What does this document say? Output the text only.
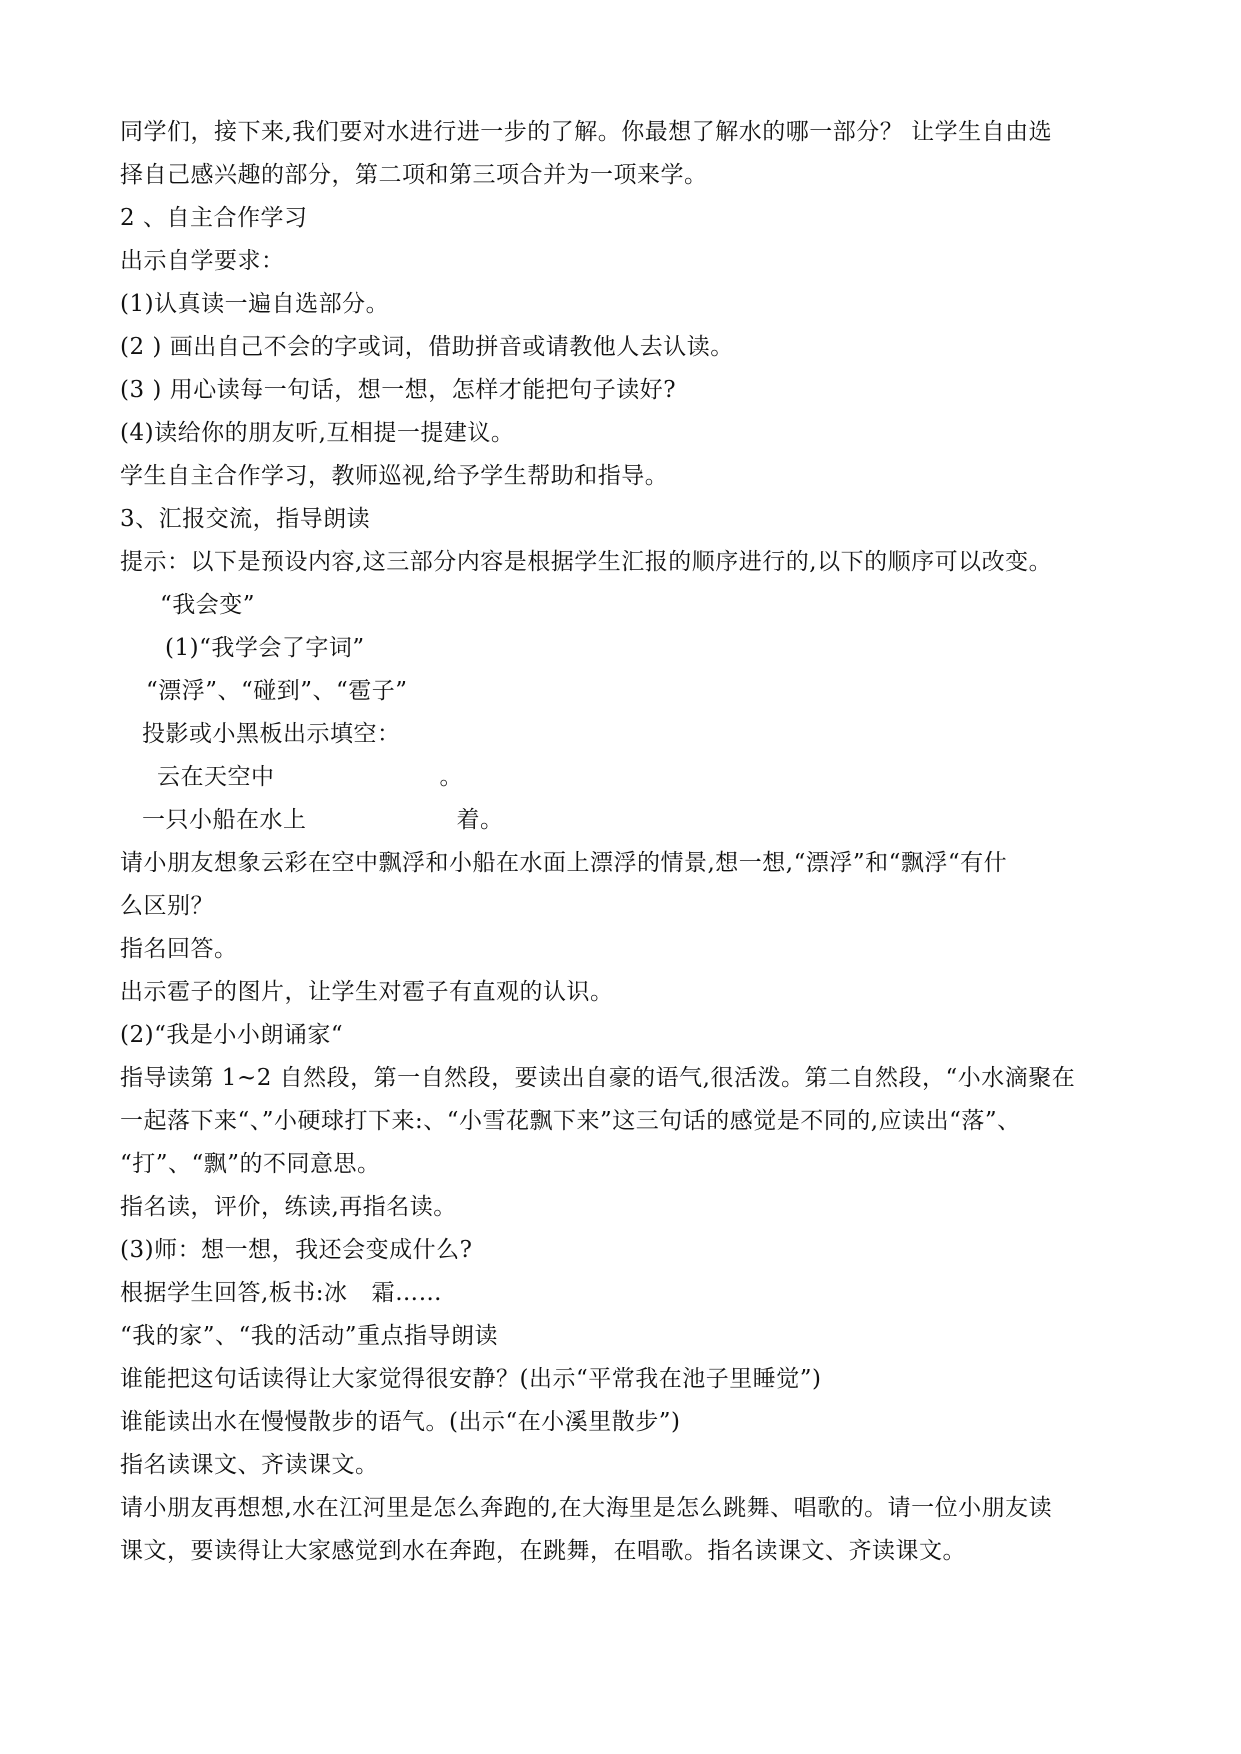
同学们，接下来,我们要对水进行进一步的了解。你最想了解水的哪一部分？ 让学生自由选
择自己感兴趣的部分，第二项和第三项合并为一项来学。
2 、自主合作学习
出示自学要求：
(1)认真读一遍自选部分。
(2 ) 画出自己不会的字或词，借助拼音或请教他人去认读。
(3 ) 用心读每一句话，想一想，怎样才能把句子读好?
(4)读给你的朋友听,互相提一提建议。
学生自主合作学习，教师巡视,给予学生帮助和指导。
3、汇报交流，指导朗读
提示：以下是预设内容,这三部分内容是根据学生汇报的顺序进行的,以下的顺序可以改变。
“我会变”
(1)“我学会了字词”
“漂浮”、“碰到”、“雹子”
投影或小黑板出示填空：
云在天空中	。
一只小船在水上	着。
请小朋友想象云彩在空中飘浮和小船在水面上漂浮的情景,想一想,“漂浮”和“飘浮“有什
么区别？
指名回答。
出示雹子的图片，让学生对雹子有直观的认识。
(2)“我是小小朗诵家“
指导读第 1~2 自然段，第一自然段，要读出自豪的语气,很活泼。第二自然段，“小水滴聚在
一起落下来“、”小硬球打下来:、“小雪花飘下来”这三句话的感觉是不同的,应读出“落”、
“打”、“飘”的不同意思。
指名读，评价，练读,再指名读。
(3)师：想一想，我还会变成什么?
根据学生回答,板书:冰 霜……
“我的家”、“我的活动”重点指导朗读
谁能把这句话读得让大家觉得很安静？(出示“平常我在池子里睡觉”)
谁能读出水在慢慢散步的语气。(出示“在小溪里散步”)
指名读课文、齐读课文。
请小朋友再想想,水在江河里是怎么奔跑的,在大海里是怎么跳舞、唱歌的。请一位小朋友读
课文，要读得让大家感觉到水在奔跑，在跳舞，在唱歌。指名读课文、齐读课文。
